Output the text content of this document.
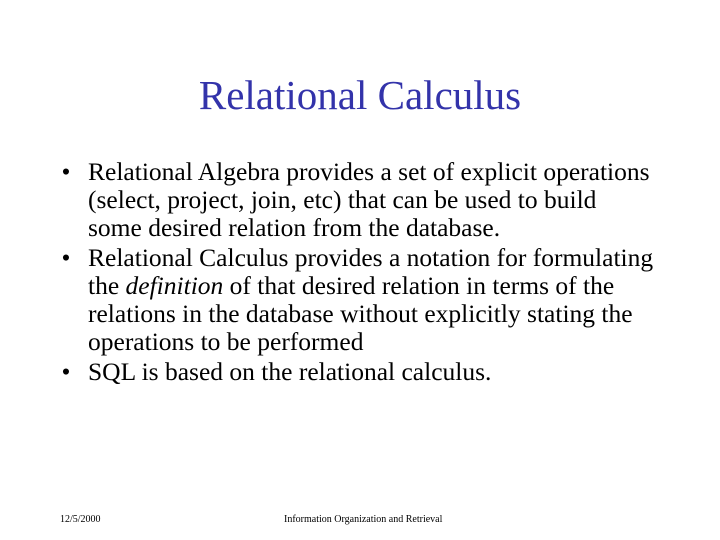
Relational Calculus
• Relational Algebra provides a set of explicit operations (select, project, join, etc) that can be used to build some desired relation from the database.
• Relational Calculus provides a notation for formulating the definition of that desired relation in terms of the relations in the database without explicitly stating the operations to be performed
• SQL is based on the relational calculus.
12/5/2000	Information Organization and Retrieval
